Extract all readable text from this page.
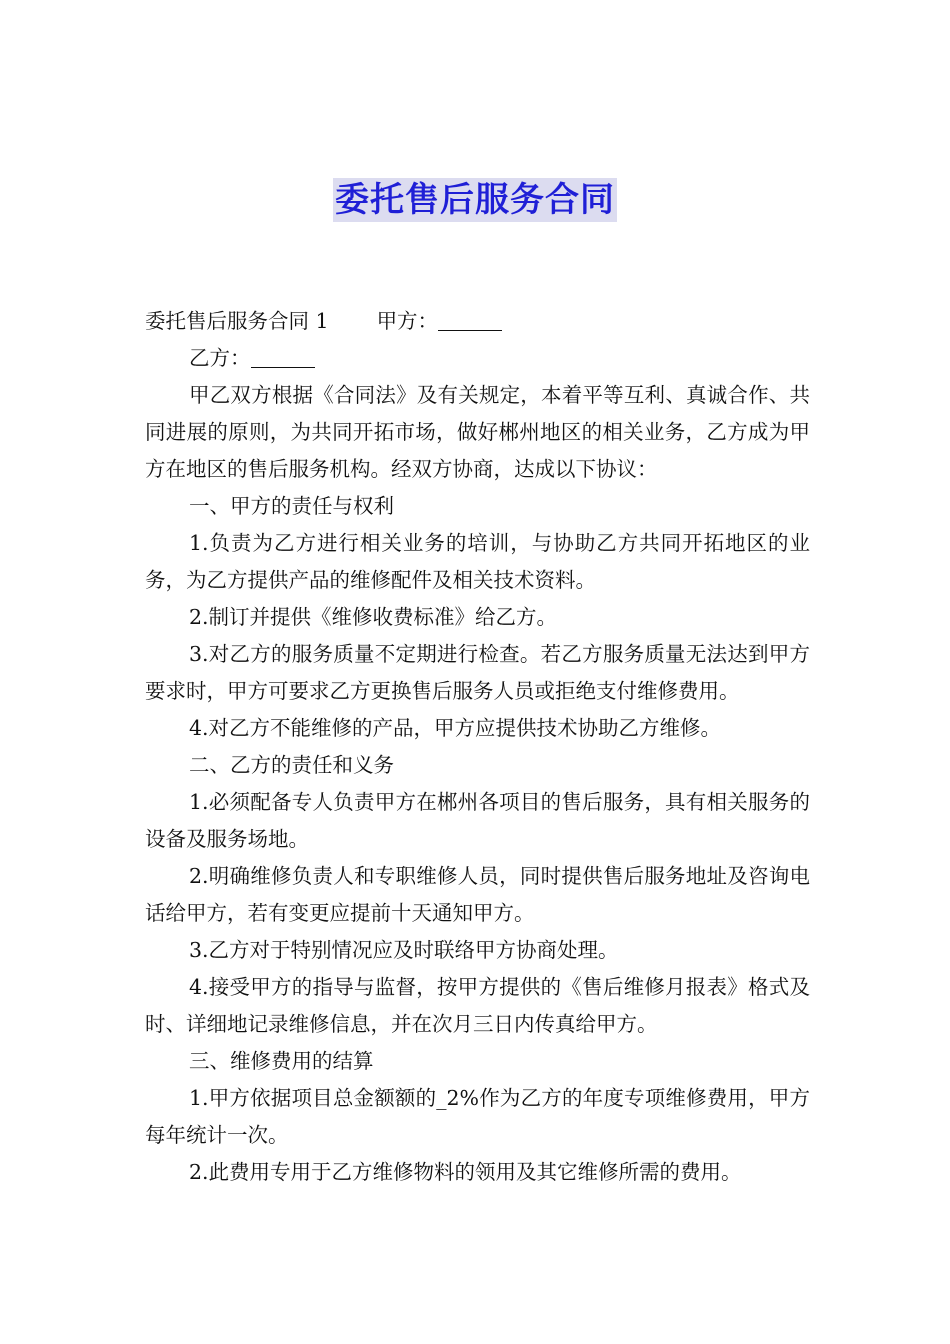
委托售后服务合同

委托售后服务合同 1 甲方：

乙方：

甲乙双方根据《合同法》及有关规定，本着平等互利、真诚合作、共同进展的原则，为共同开拓市场，做好郴州地区的相关业务，乙方成为甲方在地区的售后服务机构。经双方协商，达成以下协议：

一、甲方的责任与权利

1.负责为乙方进行相关业务的培训，与协助乙方共同开拓地区的业务，为乙方提供产品的维修配件及相关技术资料。

2.制订并提供《维修收费标准》给乙方。

3.对乙方的服务质量不定期进行检查。若乙方服务质量无法达到甲方要求时，甲方可要求乙方更换售后服务人员或拒绝支付维修费用。

4.对乙方不能维修的产品，甲方应提供技术协助乙方维修。

二、乙方的责任和义务

1.必须配备专人负责甲方在郴州各项目的售后服务，具有相关服务的设备及服务场地。

2.明确维修负责人和专职维修人员，同时提供售后服务地址及咨询电话给甲方，若有变更应提前十天通知甲方。

3.乙方对于特别情况应及时联络甲方协商处理。

4.接受甲方的指导与监督，按甲方提供的《售后维修月报表》格式及时、详细地记录维修信息，并在次月三日内传真给甲方。

三、维修费用的结算

1.甲方依据项目总金额额的_2%作为乙方的年度专项维修费用，甲方每年统计一次。

2.此费用专用于乙方维修物料的领用及其它维修所需的费用。
